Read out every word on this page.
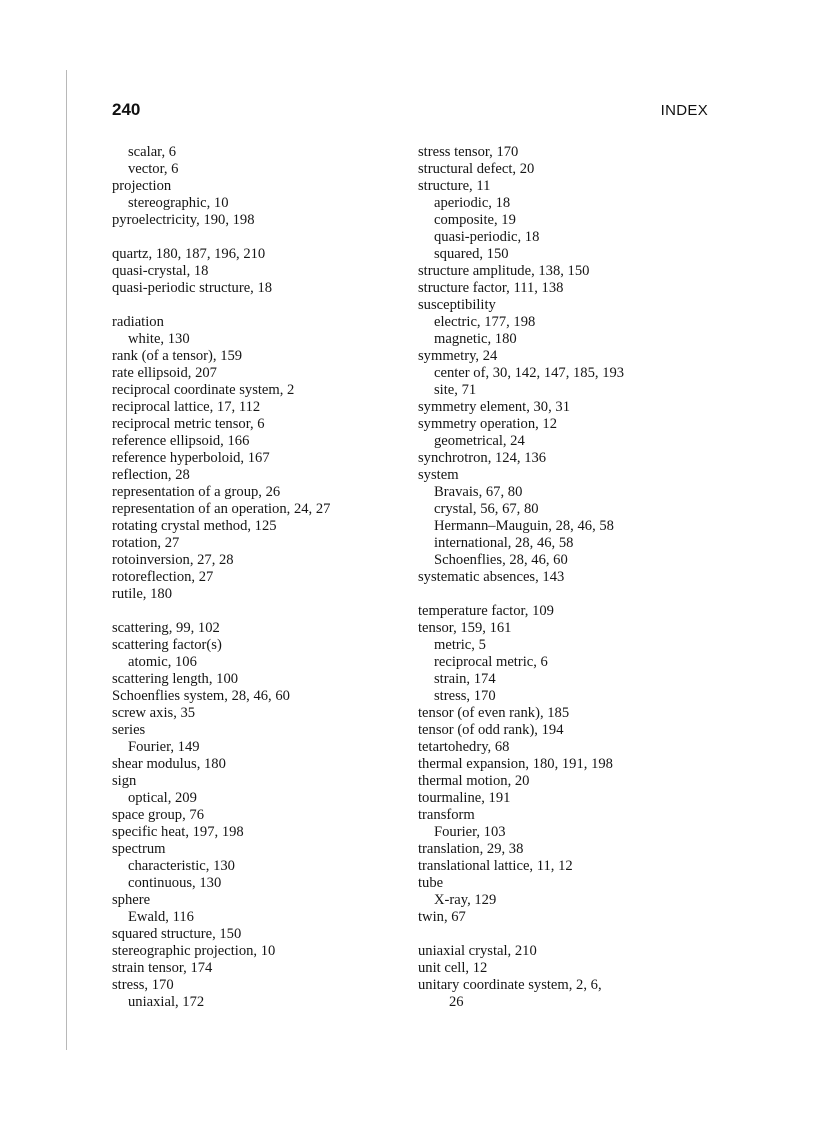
240	INDEX
scalar, 6
vector, 6
projection
stereographic, 10
pyroelectricity, 190, 198
quartz, 180, 187, 196, 210
quasi-crystal, 18
quasi-periodic structure, 18
radiation
white, 130
rank (of a tensor), 159
rate ellipsoid, 207
reciprocal coordinate system, 2
reciprocal lattice, 17, 112
reciprocal metric tensor, 6
reference ellipsoid, 166
reference hyperboloid, 167
reflection, 28
representation of a group, 26
representation of an operation, 24, 27
rotating crystal method, 125
rotation, 27
rotoinversion, 27, 28
rotoreflection, 27
rutile, 180
scattering, 99, 102
scattering factor(s)
atomic, 106
scattering length, 100
Schoenflies system, 28, 46, 60
screw axis, 35
series
Fourier, 149
shear modulus, 180
sign
optical, 209
space group, 76
specific heat, 197, 198
spectrum
characteristic, 130
continuous, 130
sphere
Ewald, 116
squared structure, 150
stereographic projection, 10
strain tensor, 174
stress, 170
uniaxial, 172
stress tensor, 170
structural defect, 20
structure, 11
aperiodic, 18
composite, 19
quasi-periodic, 18
squared, 150
structure amplitude, 138, 150
structure factor, 111, 138
susceptibility
electric, 177, 198
magnetic, 180
symmetry, 24
center of, 30, 142, 147, 185, 193
site, 71
symmetry element, 30, 31
symmetry operation, 12
geometrical, 24
synchrotron, 124, 136
system
Bravais, 67, 80
crystal, 56, 67, 80
Hermann–Mauguin, 28, 46, 58
international, 28, 46, 58
Schoenflies, 28, 46, 60
systematic absences, 143
temperature factor, 109
tensor, 159, 161
metric, 5
reciprocal metric, 6
strain, 174
stress, 170
tensor (of even rank), 185
tensor (of odd rank), 194
tetartohedry, 68
thermal expansion, 180, 191, 198
thermal motion, 20
tourmaline, 191
transform
Fourier, 103
translation, 29, 38
translational lattice, 11, 12
tube
X-ray, 129
twin, 67
uniaxial crystal, 210
unit cell, 12
unitary coordinate system, 2, 6,
26
